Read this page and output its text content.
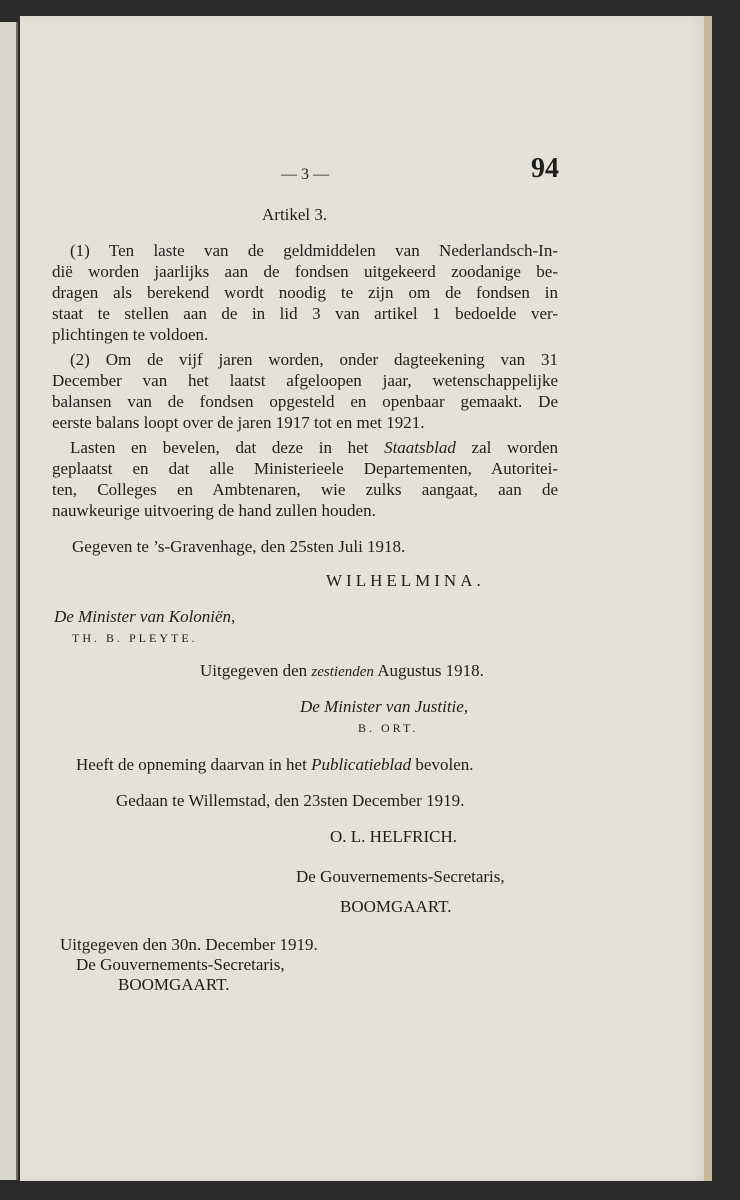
— 3 —	94
Artikel 3.
(1) Ten laste van de geldmiddelen van Nederlandsch-In-
dië worden jaarlijks aan de fondsen uitgekeerd zoodanige be-
dragen als berekend wordt noodig te zijn om de fondsen in
staat te stellen aan de in lid 3 van artikel 1 bedoelde ver-
plichtingen te voldoen.
(2) Om de vijf jaren worden, onder dagteekening van 31
December van het laatst afgeloopen jaar, wetenschappelijke
balansen van de fondsen opgesteld en openbaar gemaakt. De
eerste balans loopt over de jaren 1917 tot en met 1921.
Lasten en bevelen, dat deze in het Staatsblad zal worden
geplaatst en dat alle Ministerieele Departementen, Autoritei-
ten, Colleges en Ambtenaren, wie zulks aangaat, aan de
nauwkeurige uitvoering de hand zullen houden.
Gegeven te ’s-Gravenhage, den 25sten Juli 1918.
WILHELMINA.
De Minister van Koloniën,
TH. B. PLEYTE.
Uitgegeven den zestienden Augustus 1918.
De Minister van Justitie,
B. ORT.
Heeft de opneming daarvan in het Publicatieblad bevolen.
Gedaan te Willemstad, den 23sten December 1919.
O. L. HELFRICH.
De Gouvernements-Secretaris,
BOOMGAART.
Uitgegeven den 30n. December 1919.
De Gouvernements-Secretaris,
BOOMGAART.
